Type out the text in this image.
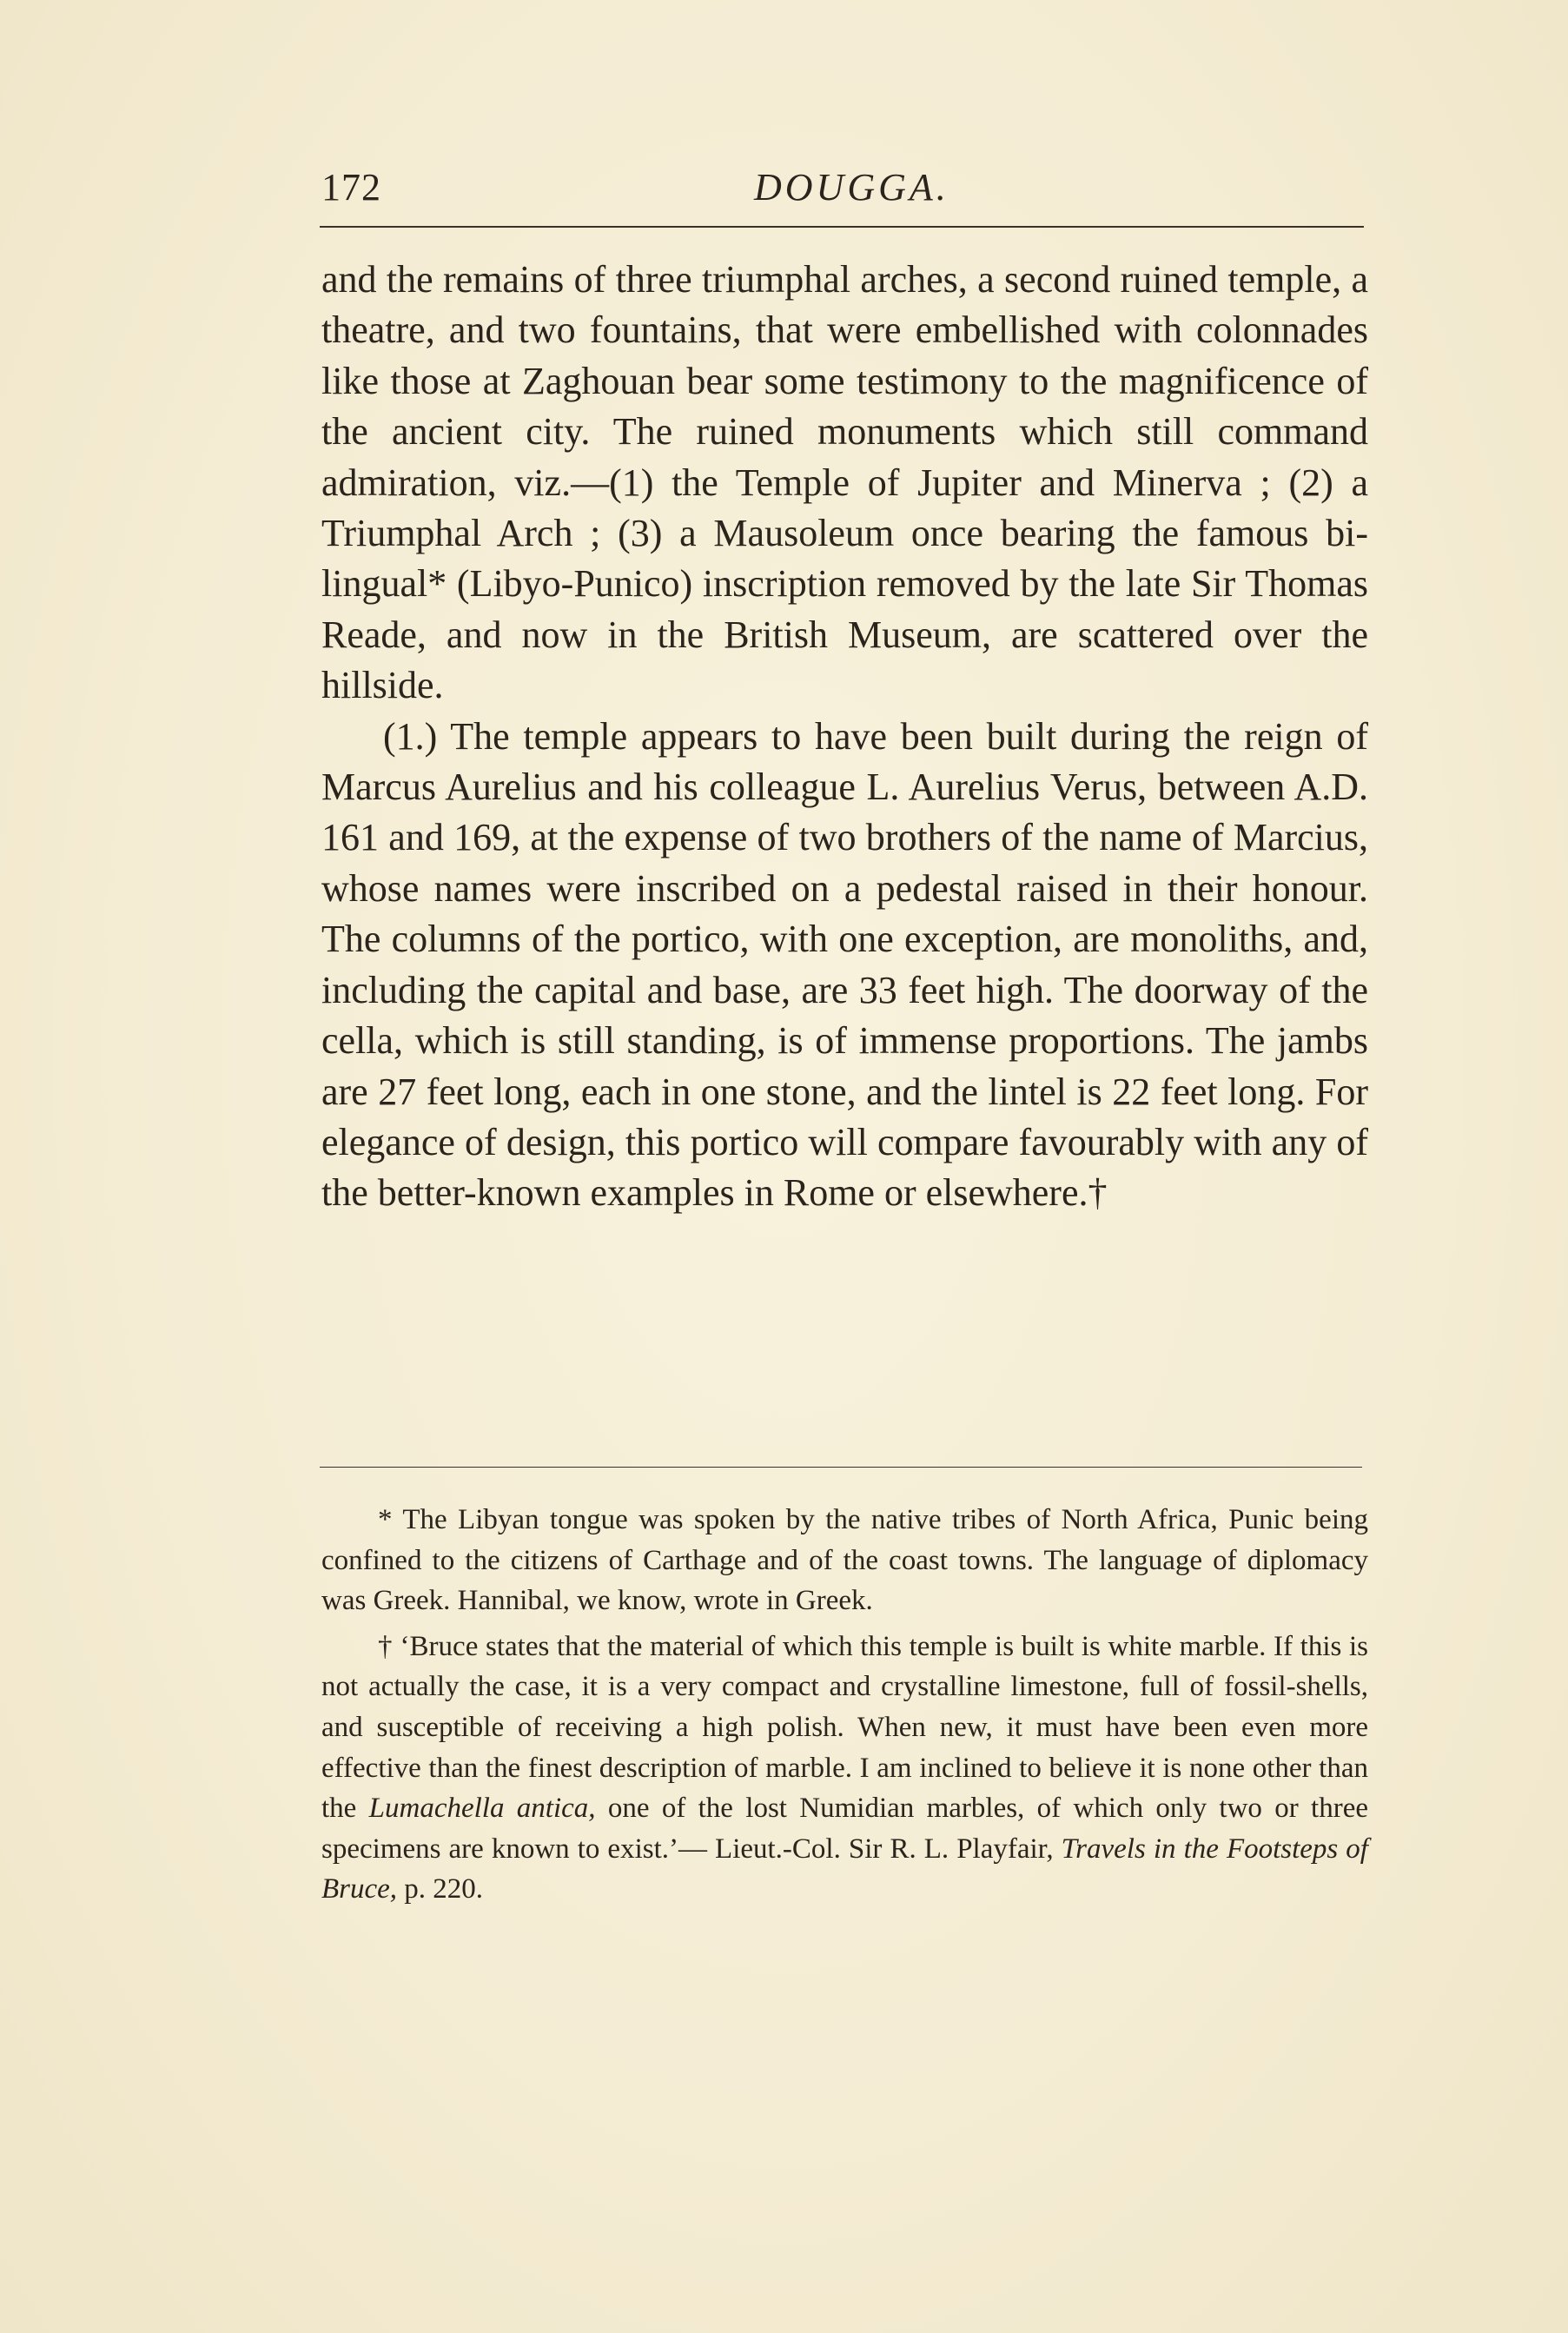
172	DOUGGA.

and the remains of three triumphal arches, a second ruined temple, a theatre, and two fountains, that were embellished with colonnades like those at Zaghouan bear some testimony to the magnificence of the ancient city. The ruined monuments which still command admiration, viz.—(1) the Temple of Jupiter and Minerva ; (2) a Triumphal Arch ; (3) a Mausoleum once bearing the famous bi-lingual* (Libyo-Punico) inscription removed by the late Sir Thomas Reade, and now in the British Museum, are scattered over the hillside.

(1.) The temple appears to have been built during the reign of Marcus Aurelius and his colleague L. Aurelius Verus, between A.D. 161 and 169, at the expense of two brothers of the name of Marcius, whose names were inscribed on a pedestal raised in their honour. The columns of the portico, with one exception, are monoliths, and, including the capital and base, are 33 feet high. The doorway of the cella, which is still standing, is of immense proportions. The jambs are 27 feet long, each in one stone, and the lintel is 22 feet long. For elegance of design, this portico will compare favourably with any of the better-known examples in Rome or elsewhere.†

* The Libyan tongue was spoken by the native tribes of North Africa, Punic being confined to the citizens of Carthage and of the coast towns. The language of diplomacy was Greek. Hannibal, we know, wrote in Greek.

† ‘Bruce states that the material of which this temple is built is white marble. If this is not actually the case, it is a very compact and crystalline limestone, full of fossil-shells, and susceptible of receiving a high polish. When new, it must have been even more effective than the finest description of marble. I am inclined to believe it is none other than the Lumachella antica, one of the lost Numidian marbles, of which only two or three specimens are known to exist.’— Lieut.-Col. Sir R. L. Playfair, Travels in the Footsteps of Bruce, p. 220.
